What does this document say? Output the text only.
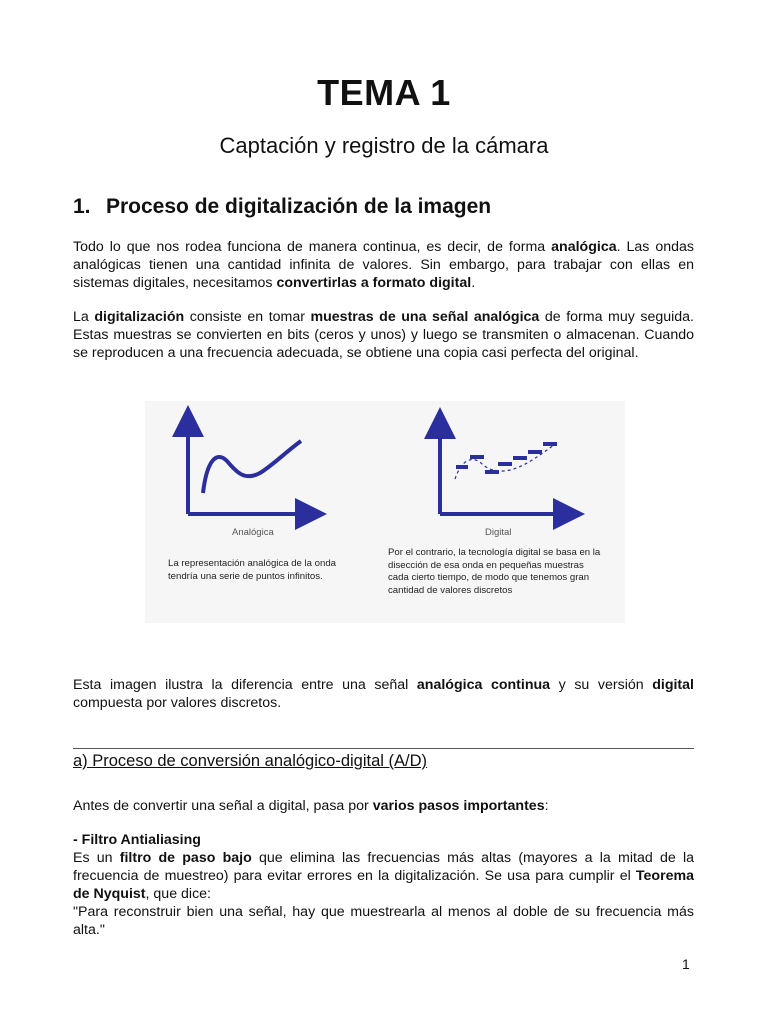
TEMA 1
Captación y registro de la cámara
1. Proceso de digitalización de la imagen
Todo lo que nos rodea funciona de manera continua, es decir, de forma analógica. Las ondas analógicas tienen una cantidad infinita de valores. Sin embargo, para trabajar con ellas en sistemas digitales, necesitamos convertirlas a formato digital.
La digitalización consiste en tomar muestras de una señal analógica de forma muy seguida. Estas muestras se convierten en bits (ceros y unos) y luego se transmiten o almacenan. Cuando se reproducen a una frecuencia adecuada, se obtiene una copia casi perfecta del original.
Analógica	Digital
La representación analógica de la onda tendría una serie de puntos infinitos.
Por el contrario, la tecnología digital se basa en la disección de esa onda en pequeñas muestras cada cierto tiempo, de modo que tenemos gran cantidad de valores discretos
Esta imagen ilustra la diferencia entre una señal analógica continua y su versión digital compuesta por valores discretos.
a) Proceso de conversión analógico-digital (A/D)
Antes de convertir una señal a digital, pasa por varios pasos importantes:
- Filtro Antialiasing
Es un filtro de paso bajo que elimina las frecuencias más altas (mayores a la mitad de la frecuencia de muestreo) para evitar errores en la digitalización. Se usa para cumplir el Teorema de Nyquist, que dice:
"Para reconstruir bien una señal, hay que muestrearla al menos al doble de su frecuencia más alta."
1
